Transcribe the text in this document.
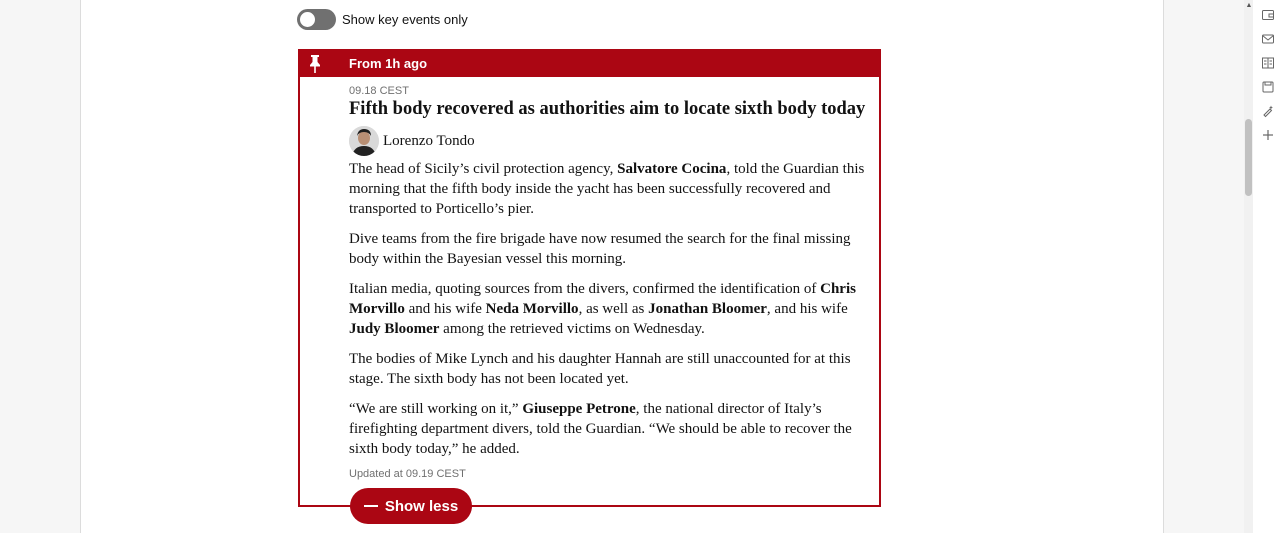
▲
Show key events only
From 1h ago
09.18 CEST
Fifth body recovered as authorities aim to locate sixth body today
Lorenzo Tondo

The head of Sicily’s civil protection agency, Salvatore Cocina, told the Guardian this morning that the fifth body inside the yacht has been successfully recovered and transported to Porticello’s pier.

Dive teams from the fire brigade have now resumed the search for the final missing body within the Bayesian vessel this morning.

Italian media, quoting sources from the divers, confirmed the identification of Chris Morvillo and his wife Neda Morvillo, as well as Jonathan Bloomer, and his wife Judy Bloomer among the retrieved victims on Wednesday.

The bodies of Mike Lynch and his daughter Hannah are still unaccounted for at this stage. The sixth body has not been located yet.

“We are still working on it,” Giuseppe Petrone, the national director of Italy’s firefighting department divers, told the Guardian. “We should be able to recover the sixth body today,” he added.

Updated at 09.19 CEST
Show less
